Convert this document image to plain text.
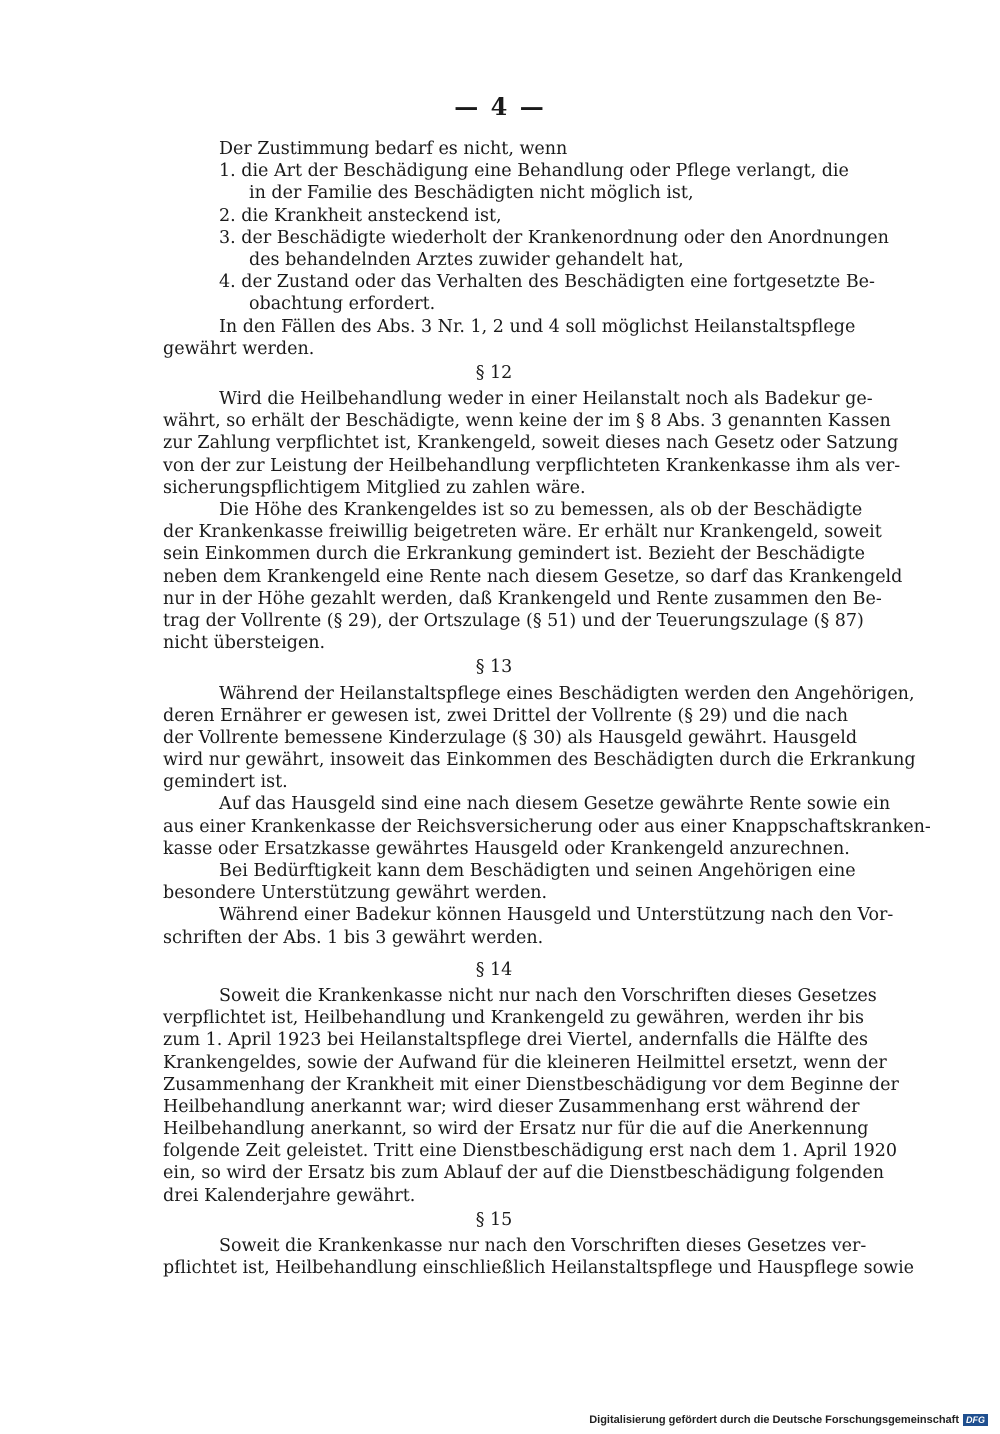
— 4 —
Der Zustimmung bedarf es nicht, wenn
1. die Art der Beschädigung eine Behandlung oder Pflege verlangt, die
in der Familie des Beschädigten nicht möglich ist,
2. die Krankheit ansteckend ist,
3. der Beschädigte wiederholt der Krankenordnung oder den Anordnungen
des behandelnden Arztes zuwider gehandelt hat,
4. der Zustand oder das Verhalten des Beschädigten eine fortgesetzte Be-
obachtung erfordert.
In den Fällen des Abs. 3 Nr. 1, 2 und 4 soll möglichst Heilanstaltspflege
gewährt werden.
§ 12
Wird die Heilbehandlung weder in einer Heilanstalt noch als Badekur ge-
währt, so erhält der Beschädigte, wenn keine der im § 8 Abs. 3 genannten Kassen
zur Zahlung verpflichtet ist, Krankengeld, soweit dieses nach Gesetz oder Satzung
von der zur Leistung der Heilbehandlung verpflichteten Krankenkasse ihm als ver-
sicherungspflichtigem Mitglied zu zahlen wäre.
Die Höhe des Krankengeldes ist so zu bemessen, als ob der Beschädigte
der Krankenkasse freiwillig beigetreten wäre. Er erhält nur Krankengeld, soweit
sein Einkommen durch die Erkrankung gemindert ist. Bezieht der Beschädigte
neben dem Krankengeld eine Rente nach diesem Gesetze, so darf das Krankengeld
nur in der Höhe gezahlt werden, daß Krankengeld und Rente zusammen den Be-
trag der Vollrente (§ 29), der Ortszulage (§ 51) und der Teuerungszulage (§ 87)
nicht übersteigen.
§ 13
Während der Heilanstaltspflege eines Beschädigten werden den Angehörigen,
deren Ernährer er gewesen ist, zwei Drittel der Vollrente (§ 29) und die nach
der Vollrente bemessene Kinderzulage (§ 30) als Hausgeld gewährt. Hausgeld
wird nur gewährt, insoweit das Einkommen des Beschädigten durch die Erkrankung
gemindert ist.
Auf das Hausgeld sind eine nach diesem Gesetze gewährte Rente sowie ein
aus einer Krankenkasse der Reichsversicherung oder aus einer Knappschaftskranken-
kasse oder Ersatzkasse gewährtes Hausgeld oder Krankengeld anzurechnen.
Bei Bedürftigkeit kann dem Beschädigten und seinen Angehörigen eine
besondere Unterstützung gewährt werden.
Während einer Badekur können Hausgeld und Unterstützung nach den Vor-
schriften der Abs. 1 bis 3 gewährt werden.
§ 14
Soweit die Krankenkasse nicht nur nach den Vorschriften dieses Gesetzes
verpflichtet ist, Heilbehandlung und Krankengeld zu gewähren, werden ihr bis
zum 1. April 1923 bei Heilanstaltspflege drei Viertel, andernfalls die Hälfte des
Krankengeldes, sowie der Aufwand für die kleineren Heilmittel ersetzt, wenn der
Zusammenhang der Krankheit mit einer Dienstbeschädigung vor dem Beginne der
Heilbehandlung anerkannt war; wird dieser Zusammenhang erst während der
Heilbehandlung anerkannt, so wird der Ersatz nur für die auf die Anerkennung
folgende Zeit geleistet. Tritt eine Dienstbeschädigung erst nach dem 1. April 1920
ein, so wird der Ersatz bis zum Ablauf der auf die Dienstbeschädigung folgenden
drei Kalenderjahre gewährt.
§ 15
Soweit die Krankenkasse nur nach den Vorschriften dieses Gesetzes ver-
pflichtet ist, Heilbehandlung einschließlich Heilanstaltspflege und Hauspflege sowie
Digitalisierung gefördert durch die Deutsche Forschungsgemeinschaft DFG
